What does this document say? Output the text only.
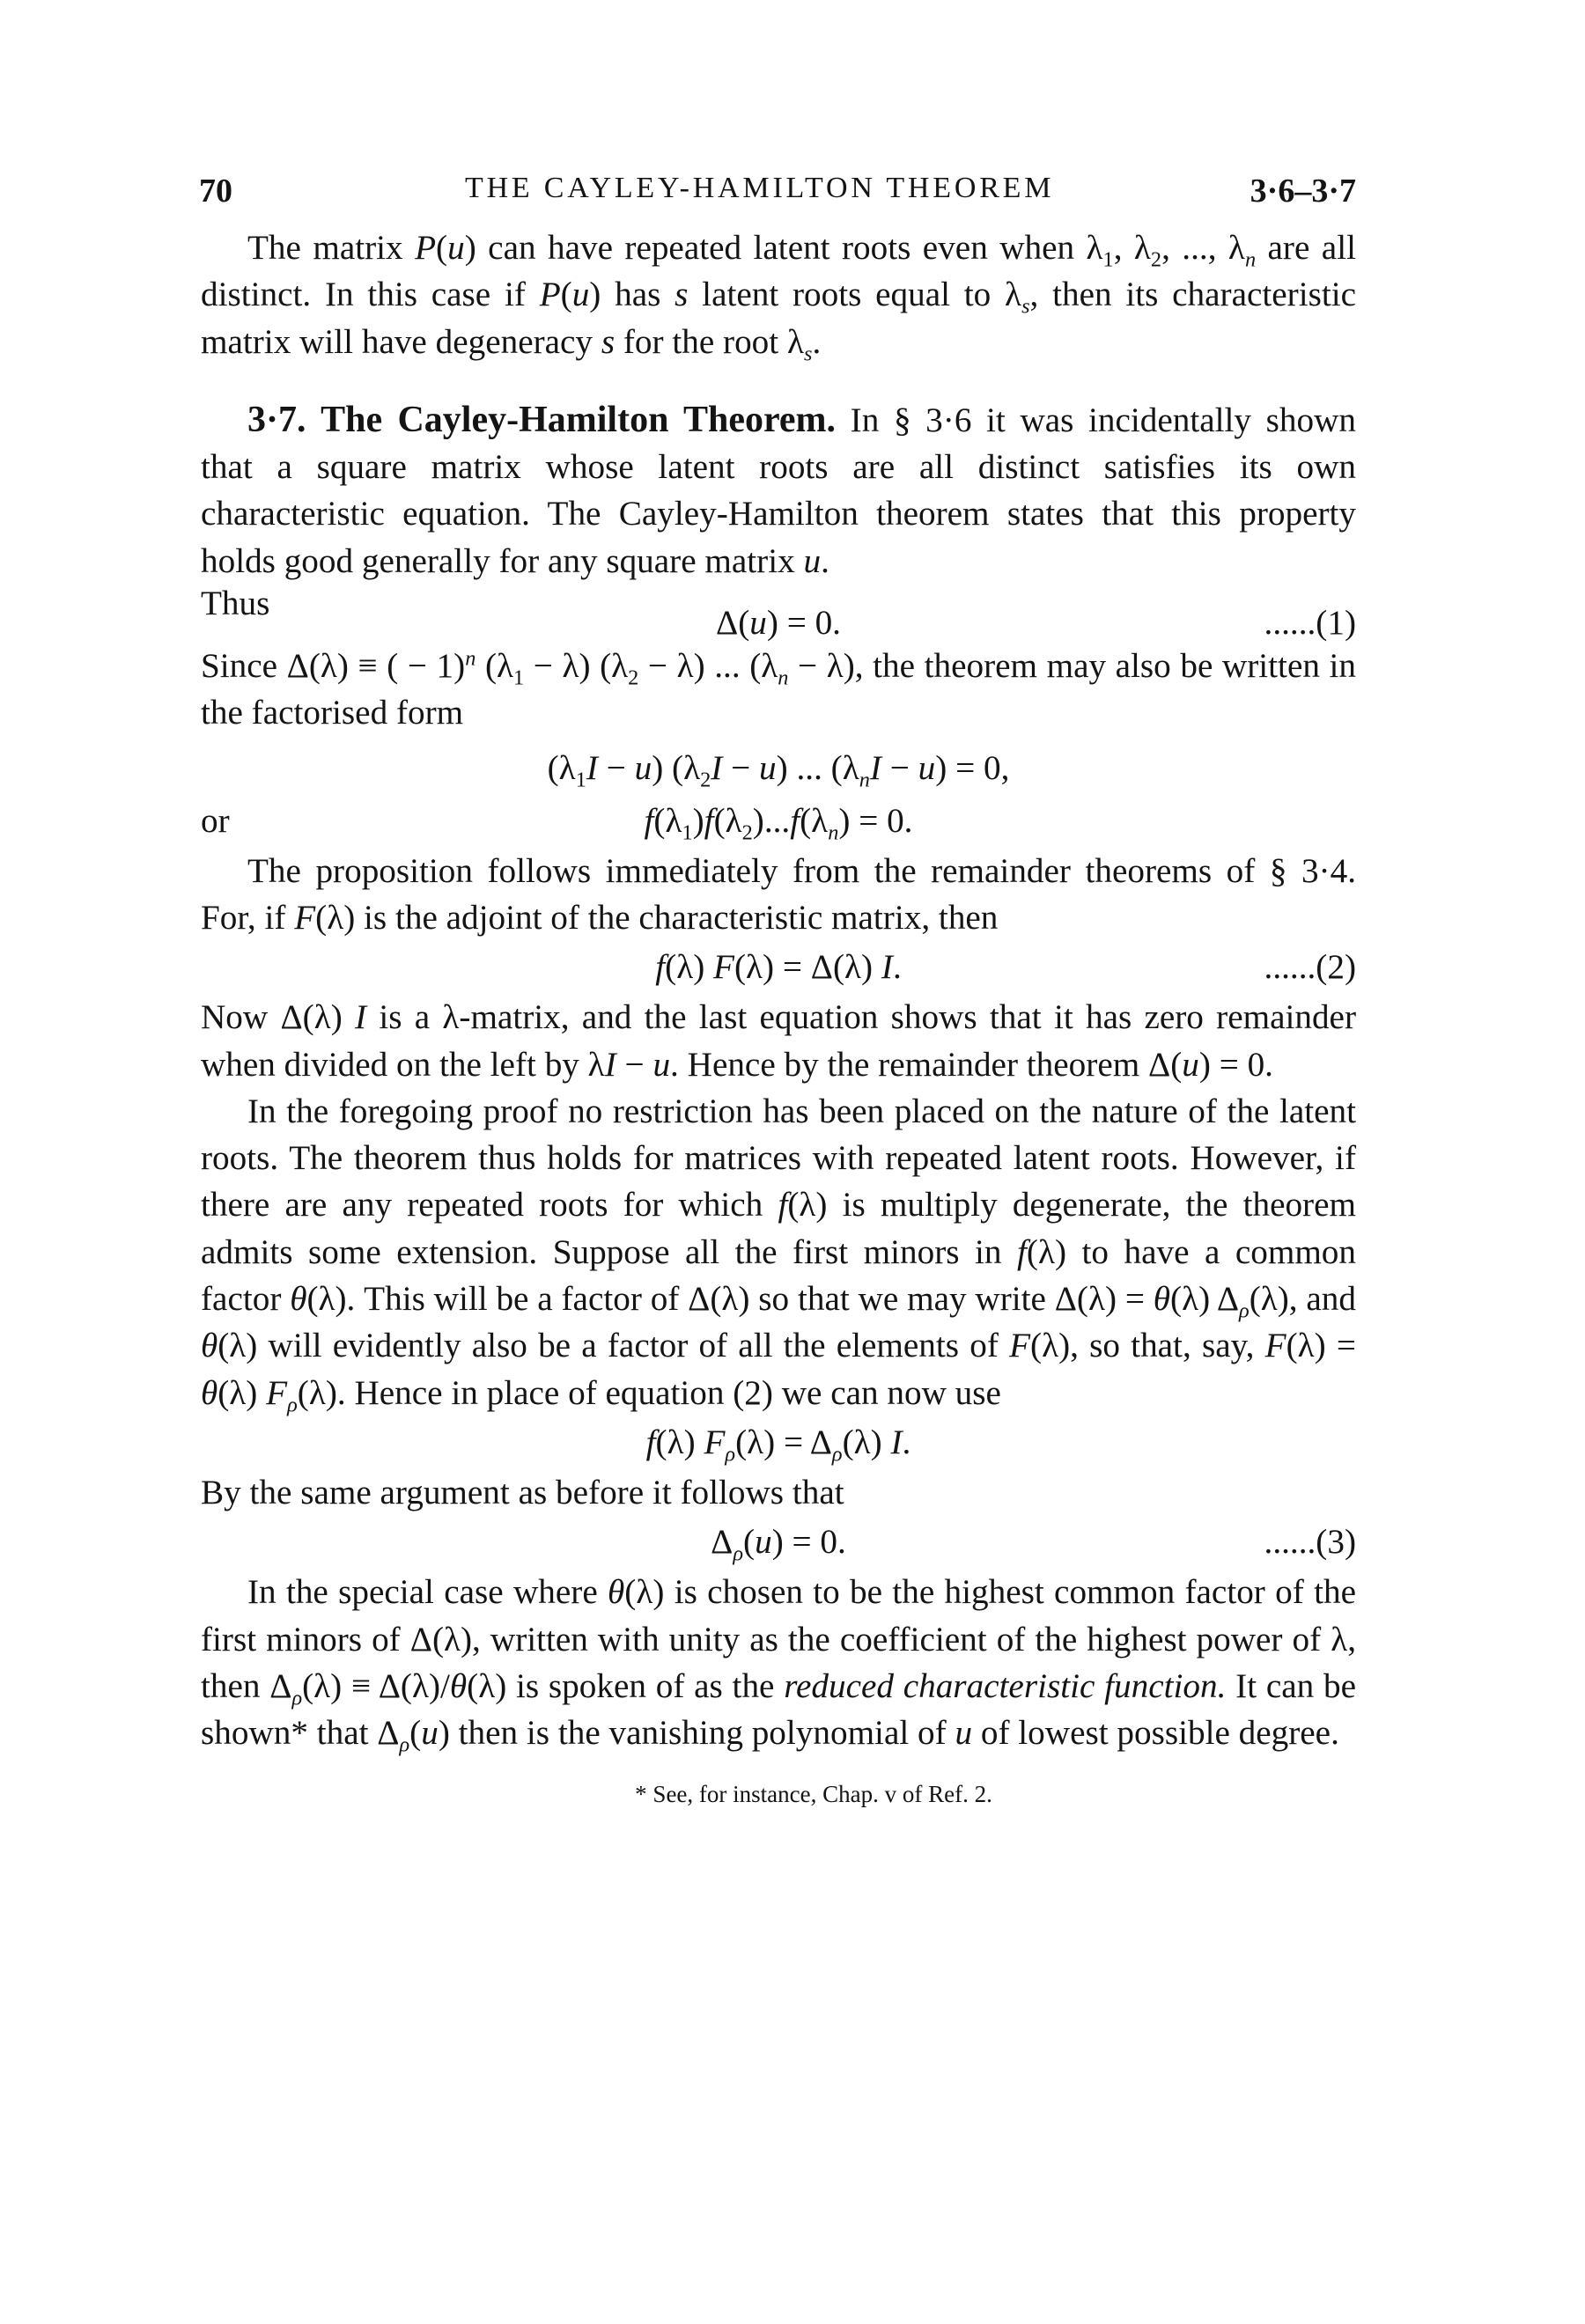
70	THE CAYLEY-HAMILTON THEOREM	3·6–3·7

The matrix P(u) can have repeated latent roots even when $\lambda_1$, $\lambda_2$, ..., $\lambda_n$ are all distinct. In this case if P(u) has s latent roots equal to $\lambda_s$, then its characteristic matrix will have degeneracy s for the root $\lambda_s$.

3·7. The Cayley-Hamilton Theorem. In § 3·6 it was incidentally shown that a square matrix whose latent roots are all distinct satisfies its own characteristic equation. The Cayley-Hamilton theorem states that this property holds good generally for any square matrix u.

Thus
Δ(u) = 0.	......(1)

Since Δ(λ) ≡ ( − 1)$^n$ $(\lambda_1 - \lambda) (\lambda_2 - \lambda)$ ... $(\lambda_n - \lambda)$, the theorem may also be written in the factorised form

$(\lambda_1I - u) (\lambda_2I - u)$ ... $(\lambda_nI - u) = 0$,
or	$f(\lambda_1)f(\lambda_2)...f(\lambda_n) = 0$.

The proposition follows immediately from the remainder theorems of § 3·4. For, if F(λ) is the adjoint of the characteristic matrix, then

f(λ) F(λ) = Δ(λ) I.	......(2)

Now Δ(λ) I is a λ-matrix, and the last equation shows that it has zero remainder when divided on the left by λI − u. Hence by the remainder theorem Δ(u) = 0.

In the foregoing proof no restriction has been placed on the nature of the latent roots. The theorem thus holds for matrices with repeated latent roots. However, if there are any repeated roots for which f(λ) is multiply degenerate, the theorem admits some extension. Suppose all the first minors in f(λ) to have a common factor θ(λ). This will be a factor of Δ(λ) so that we may write Δ(λ) = θ(λ) $\Delta_\rho(\lambda)$, and θ(λ) will evidently also be a factor of all the elements of F(λ), so that, say, F(λ) = θ(λ) $F_\rho(\lambda)$. Hence in place of equation (2) we can now use

f(λ) $F_\rho(\lambda) = \Delta_\rho(\lambda)$ I.

By the same argument as before it follows that

$\Delta_\rho(u) = 0$.	......(3)

In the special case where θ(λ) is chosen to be the highest common factor of the first minors of Δ(λ), written with unity as the coefficient of the highest power of λ, then $\Delta_\rho(\lambda) \equiv \Delta(\lambda)/\theta(\lambda)$ is spoken of as the reduced characteristic function. It can be shown* that $\Delta_\rho(u)$ then is the vanishing polynomial of u of lowest possible degree.

* See, for instance, Chap. v of Ref. 2.
